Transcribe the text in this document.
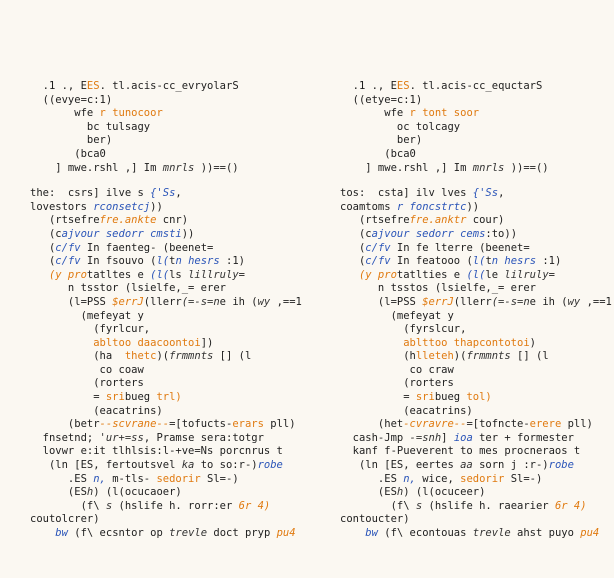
.1 ., EES. tl.acis-cc_evryolarS
((evye=c:1)
wfe r tunocoor
bc tulsagy
ber)
(bca0
] mwe.rshl ,] Im mnrls ))==()
the:  csrs] ilve s {'Ss,
lovestors rconsetcj))
(rtsefrefre.ankte cnr)
(cajvour sedorr cmsti))
(c/fv In faenteg- (beenet=
(c/fv In fsouvo (l(tn hesrs :1)
(y protatltes e (l(ls lillruly=
n tsstor (lsielfe,_= erer
(l=PSS $errJ(llerr(=-s=ne ih (wy ,==1
(mefeyat y
(fyrlcur,
abltoo daacoontoi])
(ha  thetc)(frmmnts [] (l
co coaw
(rorters
= sribueg trl)
(eacatrins)
(betr--scvrane--=[tofucts-erars pll)
fnsetnd; 'ur+=ss, Pramse sera:totgr
lovwr e:it tlhlsis:l-+ve=Ns porcnrus t
(ln [ES, fertoutsvel ka to so:r-)robe
.ES n, m-tls- sedorir Sl=-)
(ESh) (l(ocucaoer)
(f\ s (hslife h. rorr:er 6r 4)
coutolcrer)
bw (f\ ecsntor op trevle doct pryp pu4
.1 ., EES. tl.acis-cc_equctarS
((etye=c:1)
wfe r tont soor
oc tolcagy
ber)
(bca0
] mwe.rshl ,] Im mnrls ))==()
tos:  csta] ilv lves {'Ss,
coamtoms r foncstrtc))
(rtsefrefre.anktr cour)
(cajvour sedorr cems:to))
(c/fv In fe lterre (beenet=
(c/fv In featooo (l(tn hesrs :1)
(y protatlties e (l(le lilruly=
n tsstos (lsielfe,_= erer
(l=PSS $errJ(llerr(=-s=ne ih (wy ,==1
(mefeyat y
(fyrslcur,
ablttoo thapcontotoi)
(hlleteh)(frmmnts [] (l
co craw
(rorters
= sribueg tol)
(eacatrins)
(het-cvravre--=[tofncte-erere pll)
cash-Jmp -=snh] ioa ter + formester
kanf f-Pueverent to mes procneraos t
(ln [ES, eertes aa sorn j :r-)robe
.ES n, wice, sedorir Sl=-)
(ESh) (l(ocuceer)
(f\ s (hslife h. raearier 6r 4)
contoucter)
bw (f\ econtouas trevle ahst puyo pu4
